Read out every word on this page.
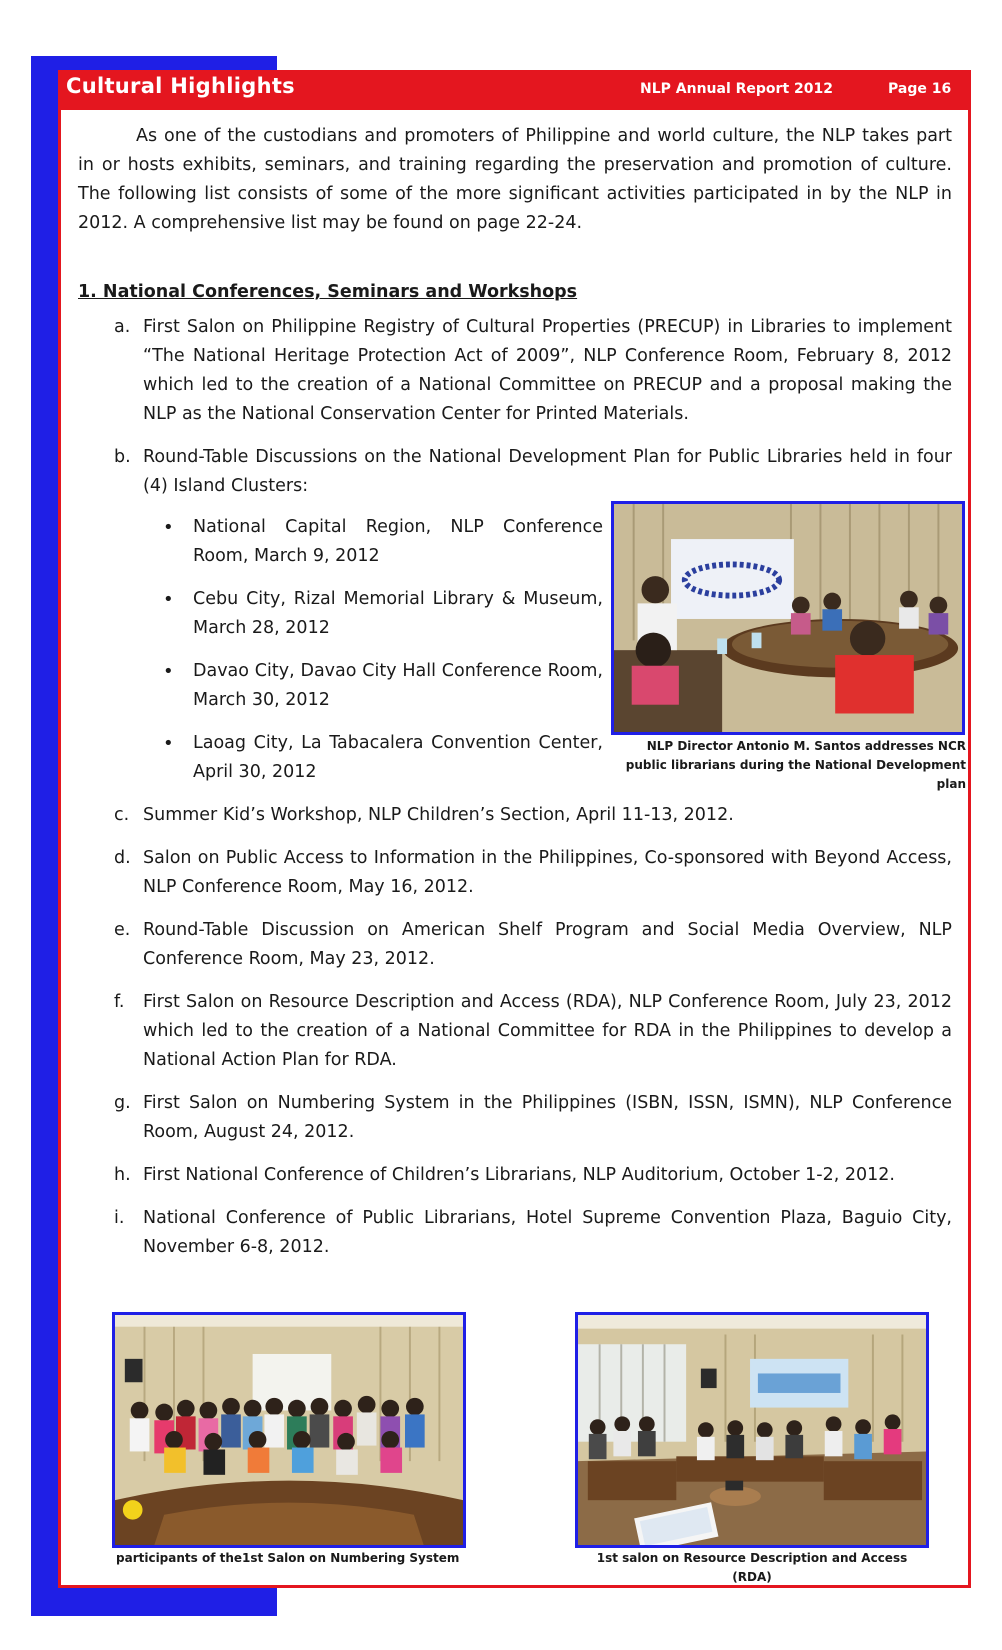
Cultural Highlights	NLP Annual Report 2012	Page 16

As one of the custodians and promoters of Philippine and world culture, the NLP takes part in or hosts exhibits, seminars, and training regarding the preservation and promotion of culture. The following list consists of some of the more significant activities participated in by the NLP in 2012. A comprehensive list may be found on page 22-24.

1. National Conferences, Seminars and Workshops
a. First Salon on Philippine Registry of Cultural Properties (PRECUP) in Libraries to implement “The National Heritage Protection Act of 2009”, NLP Conference Room, February 8, 2012 which led to the creation of a National Committee on PRECUP and a proposal making the NLP as the National Conservation Center for Printed Materials.
b. Round-Table Discussions on the National Development Plan for Public Libraries held in four (4) Island Clusters:
• National Capital Region, NLP Conference Room, March 9, 2012
• Cebu City, Rizal Memorial Library & Museum, March 28, 2012
• Davao City, Davao City Hall Conference Room, March 30, 2012
• Laoag City, La Tabacalera Convention Center, April 30, 2012
c. Summer Kid’s Workshop, NLP Children’s Section, April 11-13, 2012.
d. Salon on Public Access to Information in the Philippines, Co-sponsored with Beyond Access, NLP Conference Room, May 16, 2012.
e. Round-Table Discussion on American Shelf Program and Social Media Overview, NLP Conference Room, May 23, 2012.
f. First Salon on Resource Description and Access (RDA), NLP Conference Room, July 23, 2012 which led to the creation of a National Committee for RDA in the Philippines to develop a National Action Plan for RDA.
g. First Salon on Numbering System in the Philippines (ISBN, ISSN, ISMN), NLP Conference Room, August 24, 2012.
h. First National Conference of Children’s Librarians, NLP Auditorium, October 1-2, 2012.
i. National Conference of Public Librarians, Hotel Supreme Convention Plaza, Baguio City, November 6-8, 2012.
NLP Director Antonio M. Santos addresses NCR public librarians during the National Development plan
participants of the1st Salon on Numbering System	1st salon on Resource Description and Access (RDA)
